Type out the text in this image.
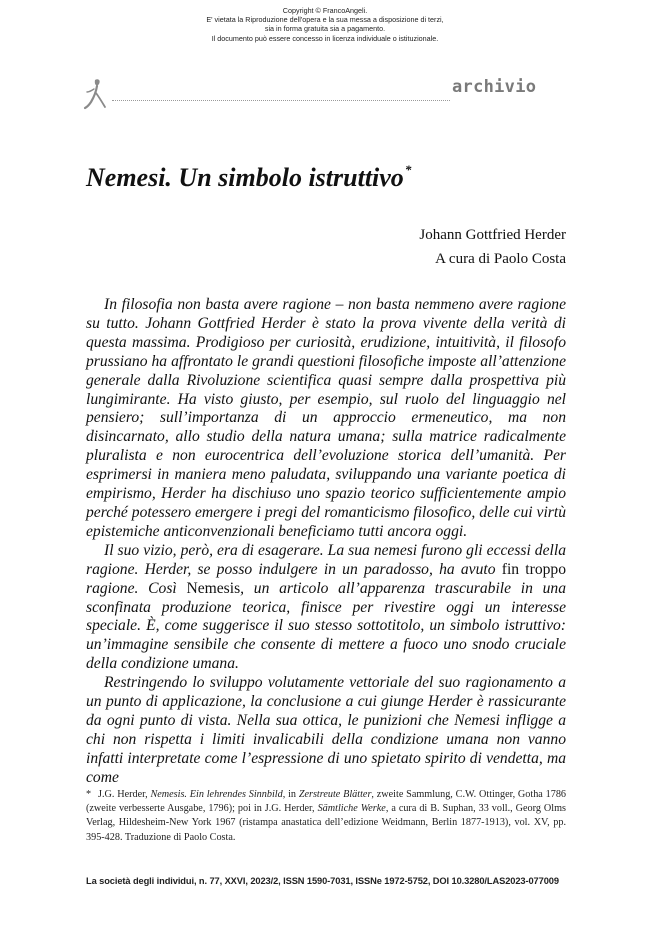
Copyright © FrancoAngeli.
E' vietata la Riproduzione dell'opera e la sua messa a disposizione di terzi,
sia in forma gratuita sia a pagamento.
Il documento può essere concesso in licenza individuale o istituzionale.
archivio
Nemesi. Un simbolo istruttivo*
Johann Gottfried Herder
A cura di Paolo Costa

In filosofia non basta avere ragione – non basta nemmeno avere ragione su tutto. Johann Gottfried Herder è stato la prova vivente della verità di questa massima. Prodigioso per curiosità, erudizione, intuitività, il filosofo prussiano ha affrontato le grandi questioni filosofiche imposte all’attenzione generale dalla Rivoluzione scientifica quasi sempre dalla prospettiva più lungimirante. Ha visto giusto, per esempio, sul ruolo del linguaggio nel pensiero; sull’importanza di un approccio ermeneutico, ma non disincarnato, allo studio della natura umana; sulla matrice radicalmente pluralista e non eurocentrica dell’evoluzione storica dell’umanità. Per esprimersi in maniera meno paludata, sviluppando una variante poetica di empirismo, Herder ha dischiuso uno spazio teorico sufficientemente ampio perché potessero emergere i pregi del romanticismo filosofico, delle cui virtù epistemiche anticonvenzionali beneficiamo tutti ancora oggi.

Il suo vizio, però, era di esagerare. La sua nemesi furono gli eccessi della ragione. Herder, se posso indulgere in un paradosso, ha avuto fin troppo ragione. Così Nemesis, un articolo all’apparenza trascurabile in una sconfinata produzione teorica, finisce per rivestire oggi un interesse speciale. È, come suggerisce il suo stesso sottotitolo, un simbolo istruttivo: un’immagine sensibile che consente di mettere a fuoco uno snodo cruciale della condizione umana.

Restringendo lo sviluppo volutamente vettoriale del suo ragionamento a un punto di applicazione, la conclusione a cui giunge Herder è rassicurante da ogni punto di vista. Nella sua ottica, le punizioni che Nemesi infligge a chi non rispetta i limiti invalicabili della condizione umana non vanno infatti interpretate come l’espressione di uno spietato spirito di vendetta, ma come

* J.G. Herder, Nemesis. Ein lehrendes Sinnbild, in Zerstreute Blätter, zweite Sammlung, C.W. Ottinger, Gotha 1786 (zweite verbesserte Ausgabe, 1796); poi in J.G. Herder, Sämtliche Werke, a cura di B. Suphan, 33 voll., Georg Olms Verlag, Hildesheim-New York 1967 (ristampa anastatica dell’edizione Weidmann, Berlin 1877-1913), vol. XV, pp. 395-428. Traduzione di Paolo Costa.
La società degli individui, n. 77, XXVI, 2023/2, ISSN 1590-7031, ISSNe 1972-5752, DOI 10.3280/LAS2023-077009
